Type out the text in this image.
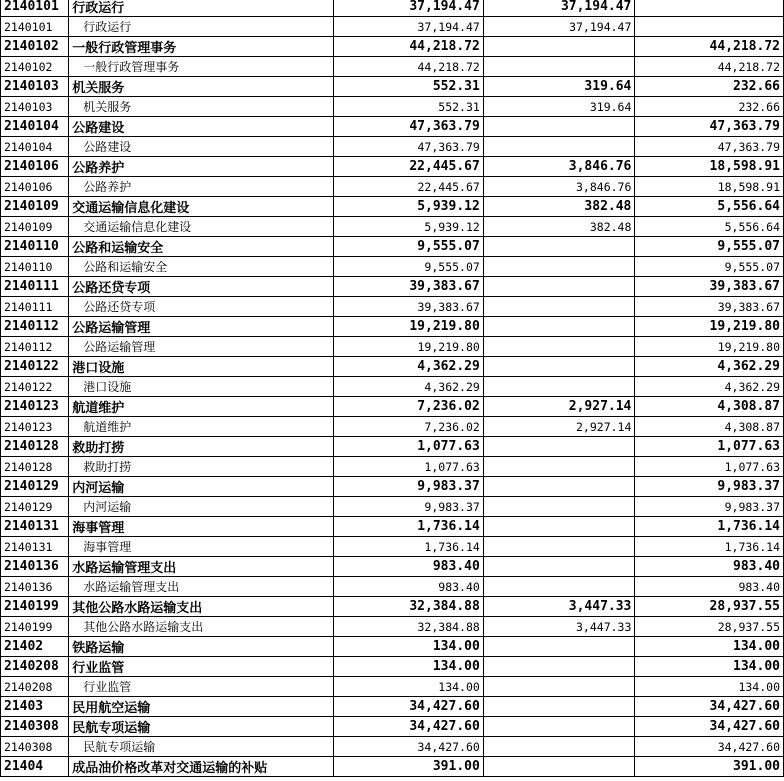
2140101	行政运行	37,194.47	37,194.47	
2140101	行政运行	37,194.47	37,194.47	
2140102	一般行政管理事务	44,218.72		44,218.72
2140102	一般行政管理事务	44,218.72		44,218.72
2140103	机关服务	552.31	319.64	232.66
2140103	机关服务	552.31	319.64	232.66
2140104	公路建设	47,363.79		47,363.79
2140104	公路建设	47,363.79		47,363.79
2140106	公路养护	22,445.67	3,846.76	18,598.91
2140106	公路养护	22,445.67	3,846.76	18,598.91
2140109	交通运输信息化建设	5,939.12	382.48	5,556.64
2140109	交通运输信息化建设	5,939.12	382.48	5,556.64
2140110	公路和运输安全	9,555.07		9,555.07
2140110	公路和运输安全	9,555.07		9,555.07
2140111	公路还贷专项	39,383.67		39,383.67
2140111	公路还贷专项	39,383.67		39,383.67
2140112	公路运输管理	19,219.80		19,219.80
2140112	公路运输管理	19,219.80		19,219.80
2140122	港口设施	4,362.29		4,362.29
2140122	港口设施	4,362.29		4,362.29
2140123	航道维护	7,236.02	2,927.14	4,308.87
2140123	航道维护	7,236.02	2,927.14	4,308.87
2140128	救助打捞	1,077.63		1,077.63
2140128	救助打捞	1,077.63		1,077.63
2140129	内河运输	9,983.37		9,983.37
2140129	内河运输	9,983.37		9,983.37
2140131	海事管理	1,736.14		1,736.14
2140131	海事管理	1,736.14		1,736.14
2140136	水路运输管理支出	983.40		983.40
2140136	水路运输管理支出	983.40		983.40
2140199	其他公路水路运输支出	32,384.88	3,447.33	28,937.55
2140199	其他公路水路运输支出	32,384.88	3,447.33	28,937.55
21402	铁路运输	134.00		134.00
2140208	行业监管	134.00		134.00
2140208	行业监管	134.00		134.00
21403	民用航空运输	34,427.60		34,427.60
2140308	民航专项运输	34,427.60		34,427.60
2140308	民航专项运输	34,427.60		34,427.60
21404	成品油价格改革对交通运输的补贴	391.00		391.00
